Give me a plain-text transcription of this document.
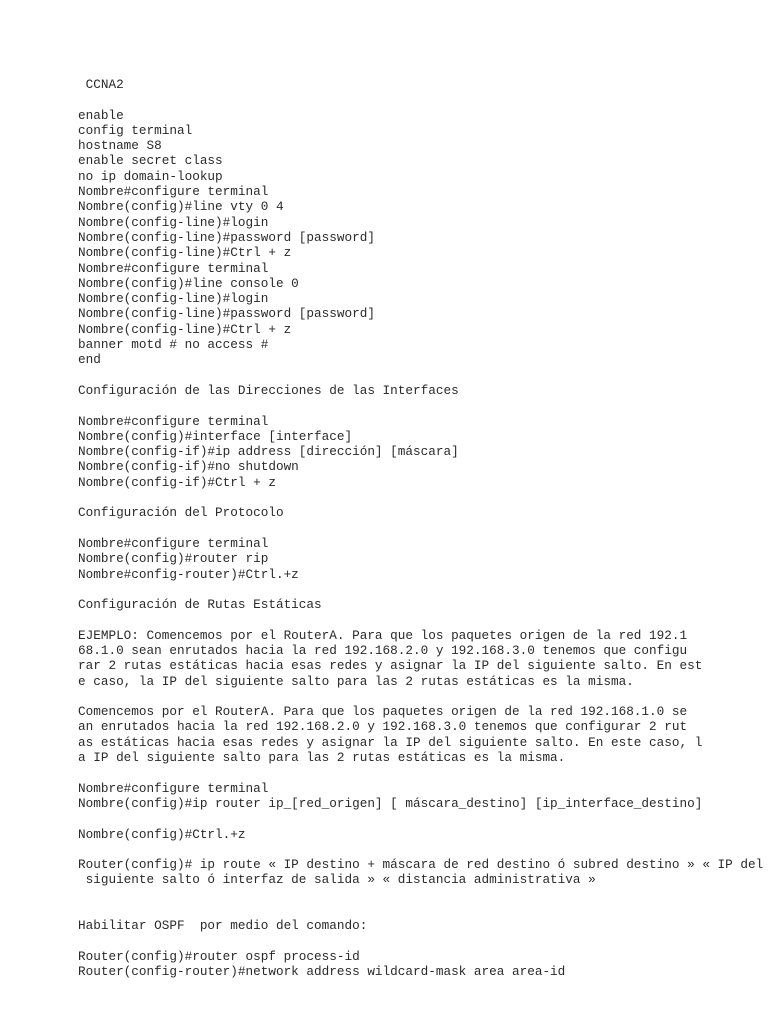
CCNA2
enable
config terminal
hostname S8
enable secret class
no ip domain-lookup
Nombre#configure terminal
Nombre(config)#line vty 0 4
Nombre(config-line)#login
Nombre(config-line)#password [password]
Nombre(config-line)#Ctrl + z
Nombre#configure terminal
Nombre(config)#line console 0
Nombre(config-line)#login
Nombre(config-line)#password [password]
Nombre(config-line)#Ctrl + z
banner motd # no access #
end
Configuración de las Direcciones de las Interfaces
Nombre#configure terminal
Nombre(config)#interface [interface]
Nombre(config-if)#ip address [dirección] [máscara]
Nombre(config-if)#no shutdown
Nombre(config-if)#Ctrl + z
Configuración del Protocolo
Nombre#configure terminal
Nombre(config)#router rip
Nombre#config-router)#Ctrl.+z
Configuración de Rutas Estáticas
EJEMPLO: Comencemos por el RouterA. Para que los paquetes origen de la red 192.1
68.1.0 sean enrutados hacia la red 192.168.2.0 y 192.168.3.0 tenemos que configu
rar 2 rutas estáticas hacia esas redes y asignar la IP del siguiente salto. En est
e caso, la IP del siguiente salto para las 2 rutas estáticas es la misma.
Comencemos por el RouterA. Para que los paquetes origen de la red 192.168.1.0 se
an enrutados hacia la red 192.168.2.0 y 192.168.3.0 tenemos que configurar 2 rut
as estáticas hacia esas redes y asignar la IP del siguiente salto. En este caso, l
a IP del siguiente salto para las 2 rutas estáticas es la misma.
Nombre#configure terminal
Nombre(config)#ip router ip_[red_origen] [ máscara_destino] [ip_interface_destino]
Nombre(config)#Ctrl.+z
Router(config)# ip route « IP destino + máscara de red destino ó subred destino » « IP del
siguiente salto ó interfaz de salida » « distancia administrativa »
Habilitar OSPF  por medio del comando:
Router(config)#router ospf process-id
Router(config-router)#network address wildcard-mask area area-id
